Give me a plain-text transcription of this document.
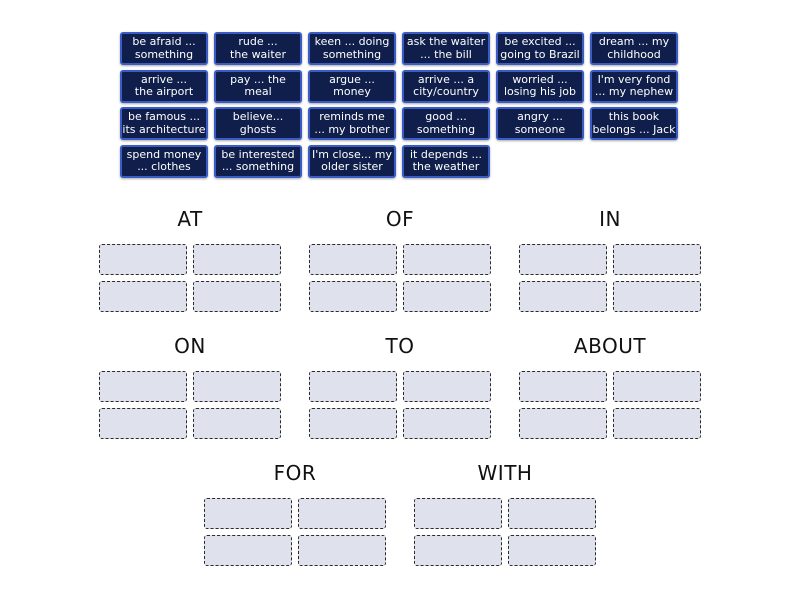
be afraid ...
something
rude ...
the waiter
keen ... doing
something
ask the waiter
... the bill
be excited ...
going to Brazil
dream ... my
childhood
arrive ...
the airport
pay ... the meal
argue ...
money
arrive ... a
city/country
worried ...
losing his job
I'm very fond
... my nephew
be famous ...
its architecture
believe...
ghosts
reminds me
... my brother
good ...
something
angry ...
someone
this book
belongs ... Jack
spend money
... clothes
be interested
... something
I'm close... my
older sister
it depends ...
the weather
AT	OF	IN
ON	TO	ABOUT
FOR	WITH
